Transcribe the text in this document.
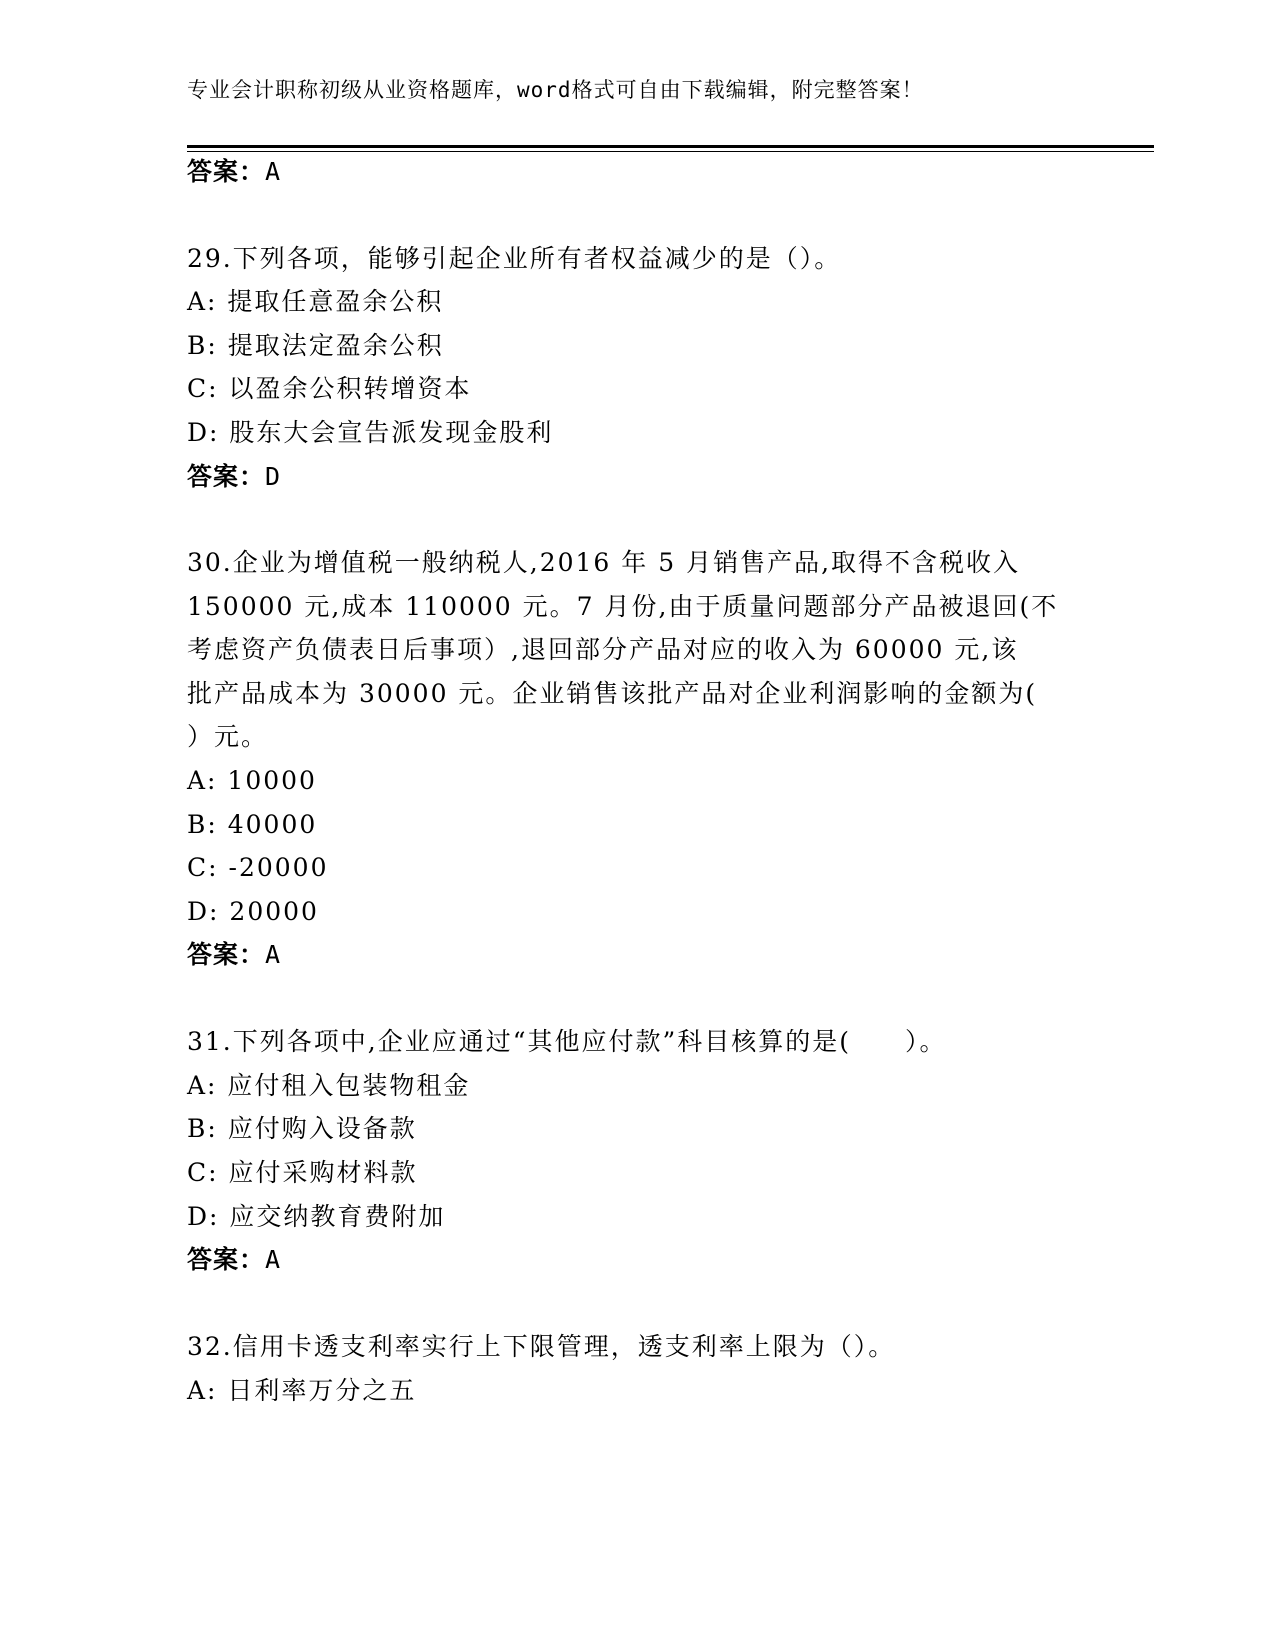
专业会计职称初级从业资格题库，word格式可自由下载编辑，附完整答案！
答案：A
29.下列各项，能够引起企业所有者权益减少的是（）。
A: 提取任意盈余公积
B: 提取法定盈余公积
C: 以盈余公积转增资本
D: 股东大会宣告派发现金股利
答案：D
30.企业为增值税一般纳税人,2016 年 5 月销售产品,取得不含税收入
150000 元,成本 110000 元。7 月份,由于质量问题部分产品被退回(不
考虑资产负债表日后事项）,退回部分产品对应的收入为 60000 元,该
批产品成本为 30000 元。企业销售该批产品对企业利润影响的金额为(
）元。
A: 10000
B: 40000
C: -20000
D: 20000
答案：A
31.下列各项中,企业应通过“其他应付款”科目核算的是(　　）。
A: 应付租入包装物租金
B: 应付购入设备款
C: 应付采购材料款
D: 应交纳教育费附加
答案：A
32.信用卡透支利率实行上下限管理，透支利率上限为（）。
A: 日利率万分之五
